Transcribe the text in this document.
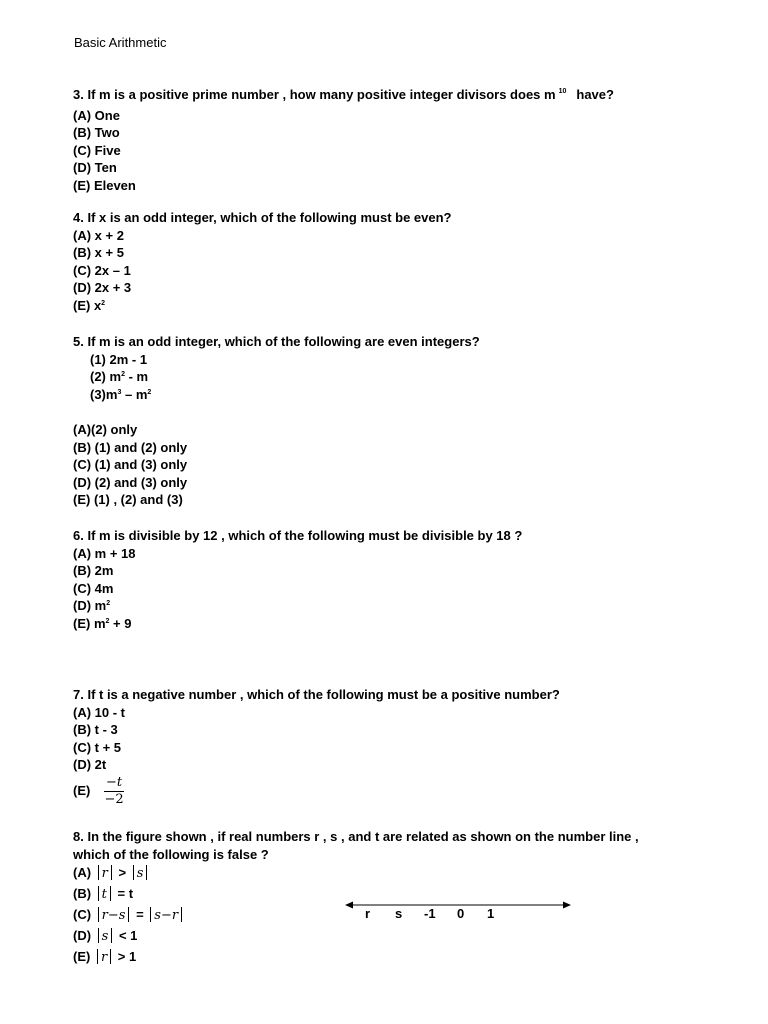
Basic Arithmetic
3. If m is a positive prime number , how many positive integer divisors does m $^{10}$ have?
(A) One
(B) Two
(C) Five
(D) Ten
(E) Eleven
4. If x is an odd integer, which of the following must be even?
(A) x + 2
(B) x + 5
(C) 2x – 1
(D) 2x + 3
(E) $x^2$
5. If m is an odd integer, which of the following are even integers?
(1) 2m - 1
(2) $m^2$ - m
$(3)m^3 - m^2$
(A)(2) only
(B) (1) and (2) only
(C) (1) and (3) only
(D) (2) and (3) only
(E) (1) , (2) and (3)
6. If m is divisible by 12 , which of the following must be divisible by 18 ?
(A) m + 18
(B) 2m
(C) 4m
(D) $m^2$
(E) $m^2 + 9$
7. If t is a negative number , which of the following must be a positive number?
(A) 10 - t
(B) t - 3
(C) t + 5
(D) 2t
$(E) \frac{-t}{-2}$
8. In the figure shown , if real numbers r , s , and t are related as shown on the number line ,
which of the following is false ?
(A) r > s
(B) t = t
(C) r−s = s−r
(D) s < 1
(E) r > 1
r s -1 0 1
